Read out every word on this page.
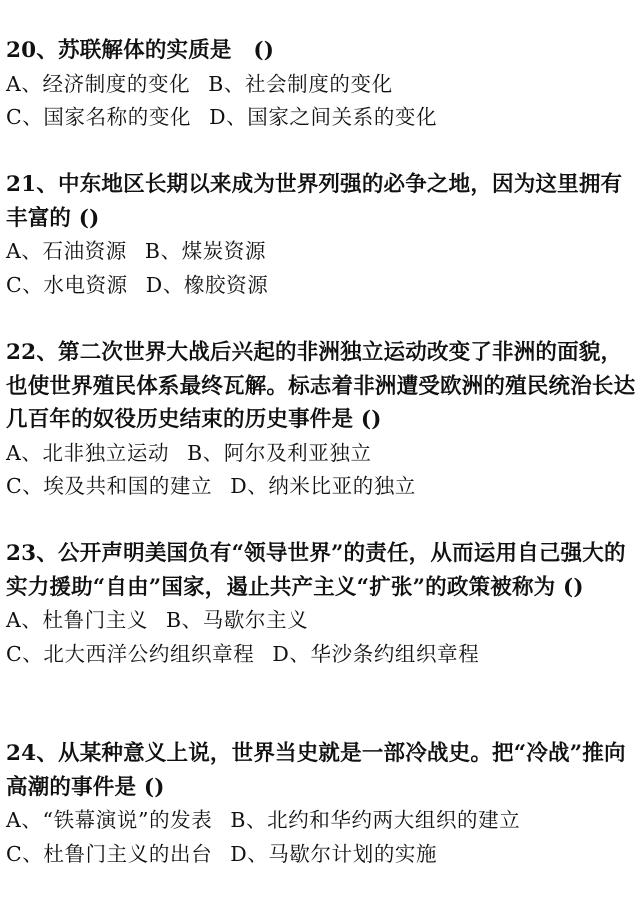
20、苏联解体的实质是　()
A、经济制度的变化 B、社会制度的变化
C、国家名称的变化 D、国家之间关系的变化
21、中东地区长期以来成为世界列强的必争之地，因为这里拥有丰富的 ()
A、石油资源 B、煤炭资源
C、水电资源 D、橡胶资源
22、第二次世界大战后兴起的非洲独立运动改变了非洲的面貌，也使世界殖民体系最终瓦解。标志着非洲遭受欧洲的殖民统治长达几百年的奴役历史结束的历史事件是 ()
A、北非独立运动 B、阿尔及利亚独立
C、埃及共和国的建立 D、纳米比亚的独立
23、公开声明美国负有“领导世界”的责任，从而运用自己强大的实力援助“自由”国家，遏止共产主义“扩张”的政策被称为 ()
A、杜鲁门主义 B、马歇尔主义
C、北大西洋公约组织章程 D、华沙条约组织章程
24、从某种意义上说，世界当史就是一部冷战史。把“冷战”推向高潮的事件是 ()
A、“铁幕演说”的发表 B、北约和华约两大组织的建立
C、杜鲁门主义的出台 D、马歇尔计划的实施
